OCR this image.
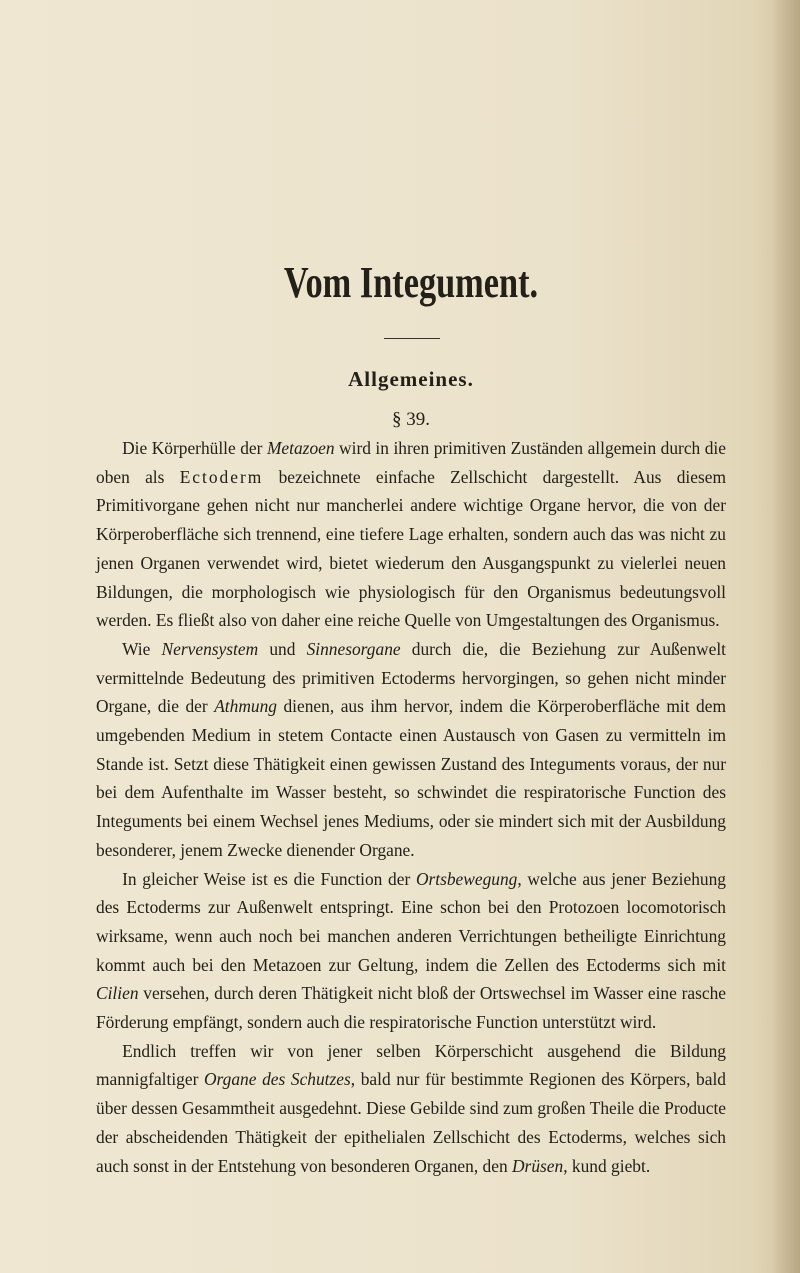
Vom Integument.
Allgemeines.
§ 39.

Die Körperhülle der Metazoen wird in ihren primitiven Zuständen allgemein durch die oben als Ectoderm bezeichnete einfache Zellschicht dargestellt. Aus diesem Primitivorgane gehen nicht nur mancherlei andere wichtige Organe hervor, die von der Körperoberfläche sich trennend, eine tiefere Lage erhalten, sondern auch das was nicht zu jenen Organen verwendet wird, bietet wiederum den Ausgangspunkt zu vielerlei neuen Bildungen, die morphologisch wie physiologisch für den Organismus bedeutungsvoll werden. Es fließt also von daher eine reiche Quelle von Umgestaltungen des Organismus.

Wie Nervensystem und Sinnesorgane durch die, die Beziehung zur Außenwelt vermittelnde Bedeutung des primitiven Ectoderms hervorgingen, so gehen nicht minder Organe, die der Athmung dienen, aus ihm hervor, indem die Körperoberfläche mit dem umgebenden Medium in stetem Contacte einen Austausch von Gasen zu vermitteln im Stande ist. Setzt diese Thätigkeit einen gewissen Zustand des Integuments voraus, der nur bei dem Aufenthalte im Wasser besteht, so schwindet die respiratorische Function des Integuments bei einem Wechsel jenes Mediums, oder sie mindert sich mit der Ausbildung besonderer, jenem Zwecke dienender Organe.

In gleicher Weise ist es die Function der Ortsbewegung, welche aus jener Beziehung des Ectoderms zur Außenwelt entspringt. Eine schon bei den Protozoen locomotorisch wirksame, wenn auch noch bei manchen anderen Verrichtungen betheiligte Einrichtung kommt auch bei den Metazoen zur Geltung, indem die Zellen des Ectoderms sich mit Cilien versehen, durch deren Thätigkeit nicht bloß der Ortswechsel im Wasser eine rasche Förderung empfängt, sondern auch die respiratorische Function unterstützt wird.

Endlich treffen wir von jener selben Körperschicht ausgehend die Bildung mannigfaltiger Organe des Schutzes, bald nur für bestimmte Regionen des Körpers, bald über dessen Gesammtheit ausgedehnt. Diese Gebilde sind zum großen Theile die Producte der abscheidenden Thätigkeit der epithelialen Zellschicht des Ectoderms, welches sich auch sonst in der Entstehung von besonderen Organen, den Drüsen, kund giebt.
